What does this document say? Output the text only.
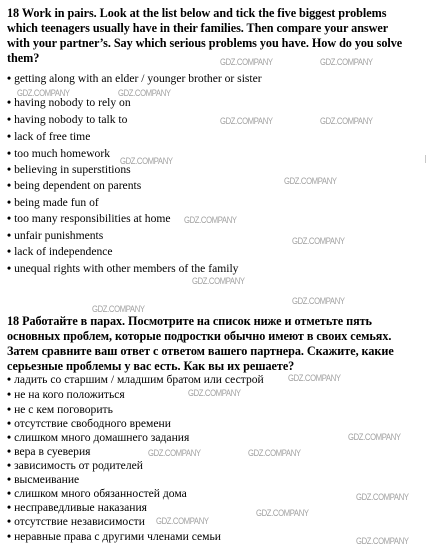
18 Work in pairs. Look at the list below and tick the five biggest problems
which teenagers usually have in their families. Then compare your answer
with your partner’s. Say which serious problems you have. How do you solve
them?
• getting along with an elder / younger brother or sister
• having nobody to rely on
• having nobody to talk to
• lack of free time
• too much homework
• believing in superstitions
• being dependent on parents
• being made fun of
• too many responsibilities at home
• unfair punishments
• lack of independence
• unequal rights with other members of the family
18 Работайте в парах. Посмотрите на список ниже и отметьте пять
основных проблем, которые подростки обычно имеют в своих семьях.
Затем сравните ваш ответ с ответом вашего партнера. Скажите, какие
серьезные проблемы у вас есть. Как вы их решаете?
• ладить со старшим / младшим братом или сестрой
• не на кого положиться
• не с кем поговорить
• отсутствие свободного времени
• слишком много домашнего задания
• вера в суеверия
• зависимость от родителей
• высмеивание
• слишком много обязанностей дома
• несправедливые наказания
• отсутствие независимости
• неравные права с другими членами семьи
GDZ.COMPANY	GDZ.COMPANY
GDZ.COMPANY	GDZ.COMPANY
GDZ.COMPANY	GDZ.COMPANY
GDZ.COMPANY
GDZ.COMPANY
GDZ.COMPANY
GDZ.COMPANY
GDZ.COMPANY
GDZ.COMPANY
GDZ.COMPANY
GDZ.COMPANY
GDZ.COMPANY
GDZ.COMPANY
GDZ.COMPANY	GDZ.COMPANY
GDZ.COMPANY
GDZ.COMPANY
GDZ.COMPANY
GDZ.COMPANY
